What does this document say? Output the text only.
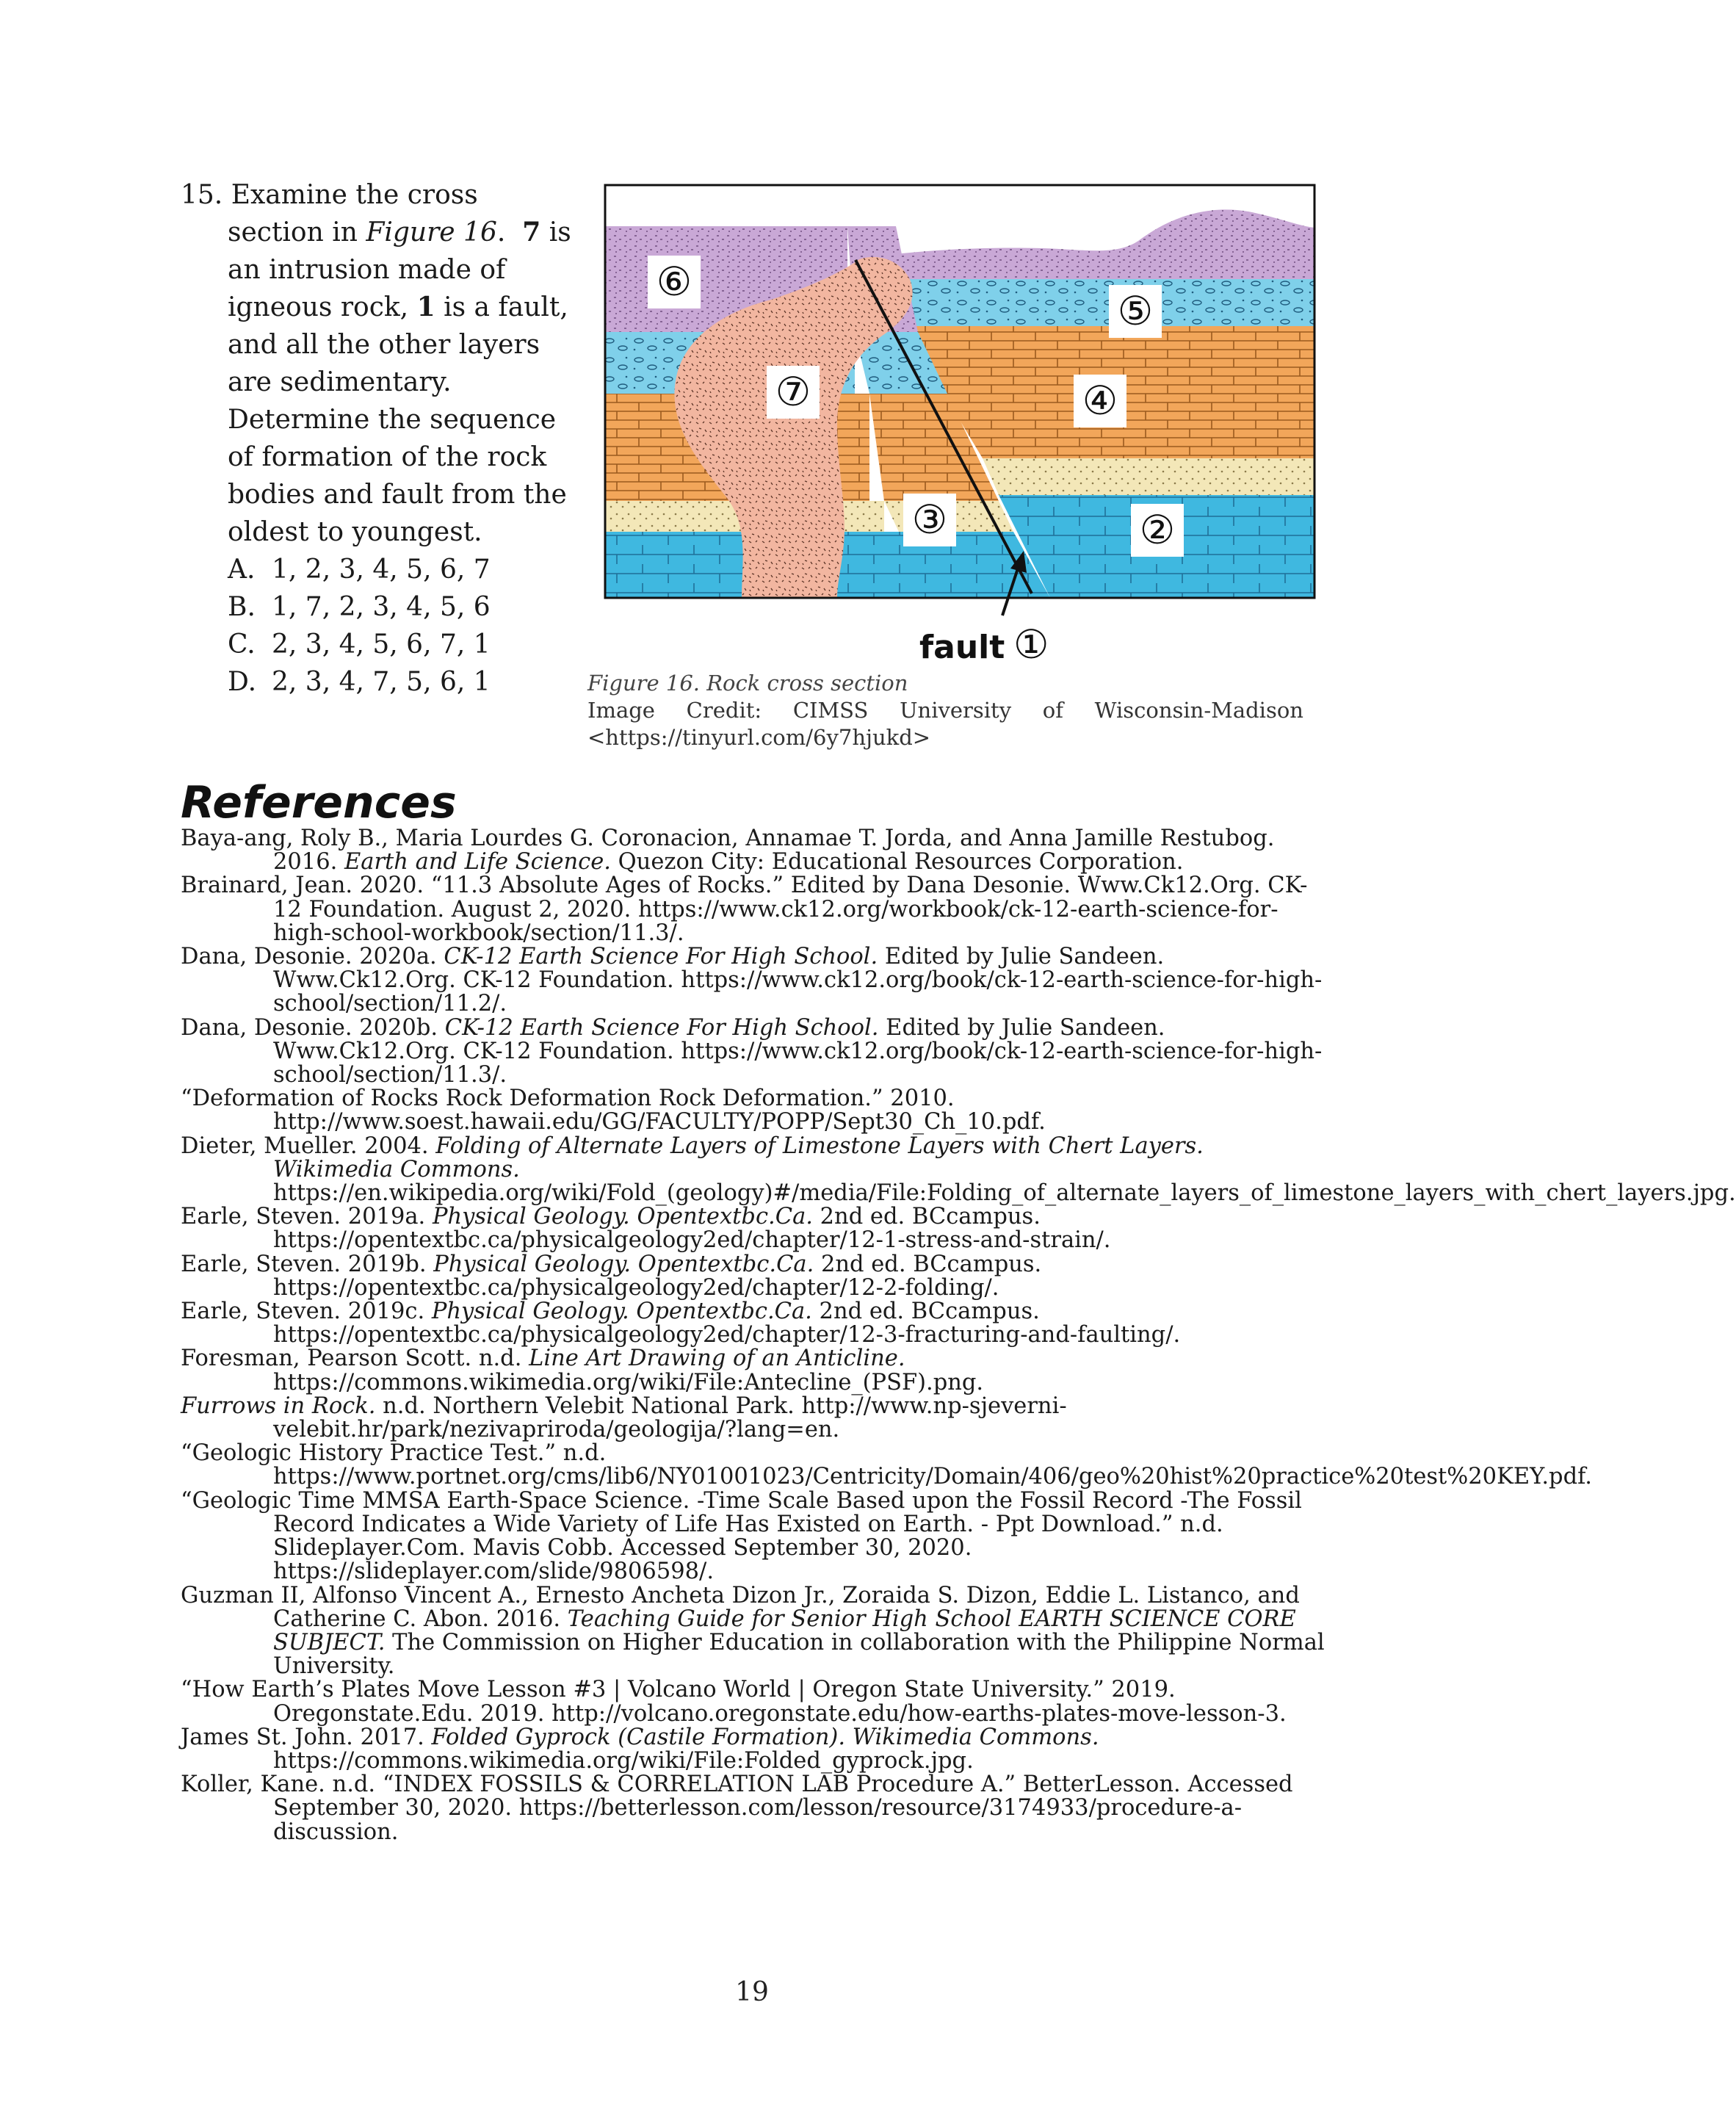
15. Examine the cross
section in Figure 16.  7 is
an intrusion made of
igneous rock, 1 is a fault,
and all the other layers
are sedimentary.
Determine the sequence
of formation of the rock
bodies and fault from the
oldest to youngest.
A. 1, 2, 3, 4, 5, 6, 7
B. 1, 7, 2, 3, 4, 5, 6
C. 2, 3, 4, 5, 6, 7, 1
D. 2, 3, 4, 7, 5, 6, 1
⑥
⑤
⑦	④
③	②
fault ①
Figure 16. Rock cross section
Image Credit: CIMSS University of Wisconsin-Madison
<https://tinyurl.com/6y7hjukd>
References
Baya-ang, Roly B., Maria Lourdes G. Coronacion, Annamae T. Jorda, and Anna Jamille Restubog. 2016. Earth and Life Science. Quezon City: Educational Resources Corporation.
Brainard, Jean. 2020. “11.3 Absolute Ages of Rocks.” Edited by Dana Desonie. Www.Ck12.Org. CK-12 Foundation. August 2, 2020. https://www.ck12.org/workbook/ck-12-earth-science-for-high-school-workbook/section/11.3/.
Dana, Desonie. 2020a. CK-12 Earth Science For High School. Edited by Julie Sandeen. Www.Ck12.Org. CK-12 Foundation. https://www.ck12.org/book/ck-12-earth-science-for-high-school/section/11.2/.
Dana, Desonie. 2020b. CK-12 Earth Science For High School. Edited by Julie Sandeen. Www.Ck12.Org. CK-12 Foundation. https://www.ck12.org/book/ck-12-earth-science-for-high-school/section/11.3/.
“Deformation of Rocks Rock Deformation Rock Deformation.” 2010. http://www.soest.hawaii.edu/GG/FACULTY/POPP/Sept30_Ch_10.pdf.
Dieter, Mueller. 2004. Folding of Alternate Layers of Limestone Layers with Chert Layers. Wikimedia Commons. https://en.wikipedia.org/wiki/Fold_(geology)#/media/File:Folding_of_alternate_layers_of_limestone_layers_with_chert_layers.jpg.
Earle, Steven. 2019a. Physical Geology. Opentextbc.Ca. 2nd ed. BCcampus. https://opentextbc.ca/physicalgeology2ed/chapter/12-1-stress-and-strain/.
Earle, Steven. 2019b. Physical Geology. Opentextbc.Ca. 2nd ed. BCcampus. https://opentextbc.ca/physicalgeology2ed/chapter/12-2-folding/.
Earle, Steven. 2019c. Physical Geology. Opentextbc.Ca. 2nd ed. BCcampus. https://opentextbc.ca/physicalgeology2ed/chapter/12-3-fracturing-and-faulting/.
Foresman, Pearson Scott. n.d. Line Art Drawing of an Anticline. https://commons.wikimedia.org/wiki/File:Antecline_(PSF).png.
Furrows in Rock. n.d. Northern Velebit National Park. http://www.np-sjeverni-velebit.hr/park/nezivapriroda/geologija/?lang=en.
“Geologic History Practice Test.” n.d. https://www.portnet.org/cms/lib6/NY01001023/Centricity/Domain/406/geo%20hist%20practice%20test%20KEY.pdf.
“Geologic Time MMSA Earth-Space Science. -Time Scale Based upon the Fossil Record -The Fossil Record Indicates a Wide Variety of Life Has Existed on Earth. - Ppt Download.” n.d. Slideplayer.Com. Mavis Cobb. Accessed September 30, 2020. https://slideplayer.com/slide/9806598/.
Guzman II, Alfonso Vincent A., Ernesto Ancheta Dizon Jr., Zoraida S. Dizon, Eddie L. Listanco, and Catherine C. Abon. 2016. Teaching Guide for Senior High School EARTH SCIENCE CORE SUBJECT. The Commission on Higher Education in collaboration with the Philippine Normal University.
“How Earth’s Plates Move Lesson #3 | Volcano World | Oregon State University.” 2019. Oregonstate.Edu. 2019. http://volcano.oregonstate.edu/how-earths-plates-move-lesson-3.
James St. John. 2017. Folded Gyprock (Castile Formation). Wikimedia Commons. https://commons.wikimedia.org/wiki/File:Folded_gyprock.jpg.
Koller, Kane. n.d. “INDEX FOSSILS & CORRELATION LAB Procedure A.” BetterLesson. Accessed September 30, 2020. https://betterlesson.com/lesson/resource/3174933/procedure-a-discussion.
19
